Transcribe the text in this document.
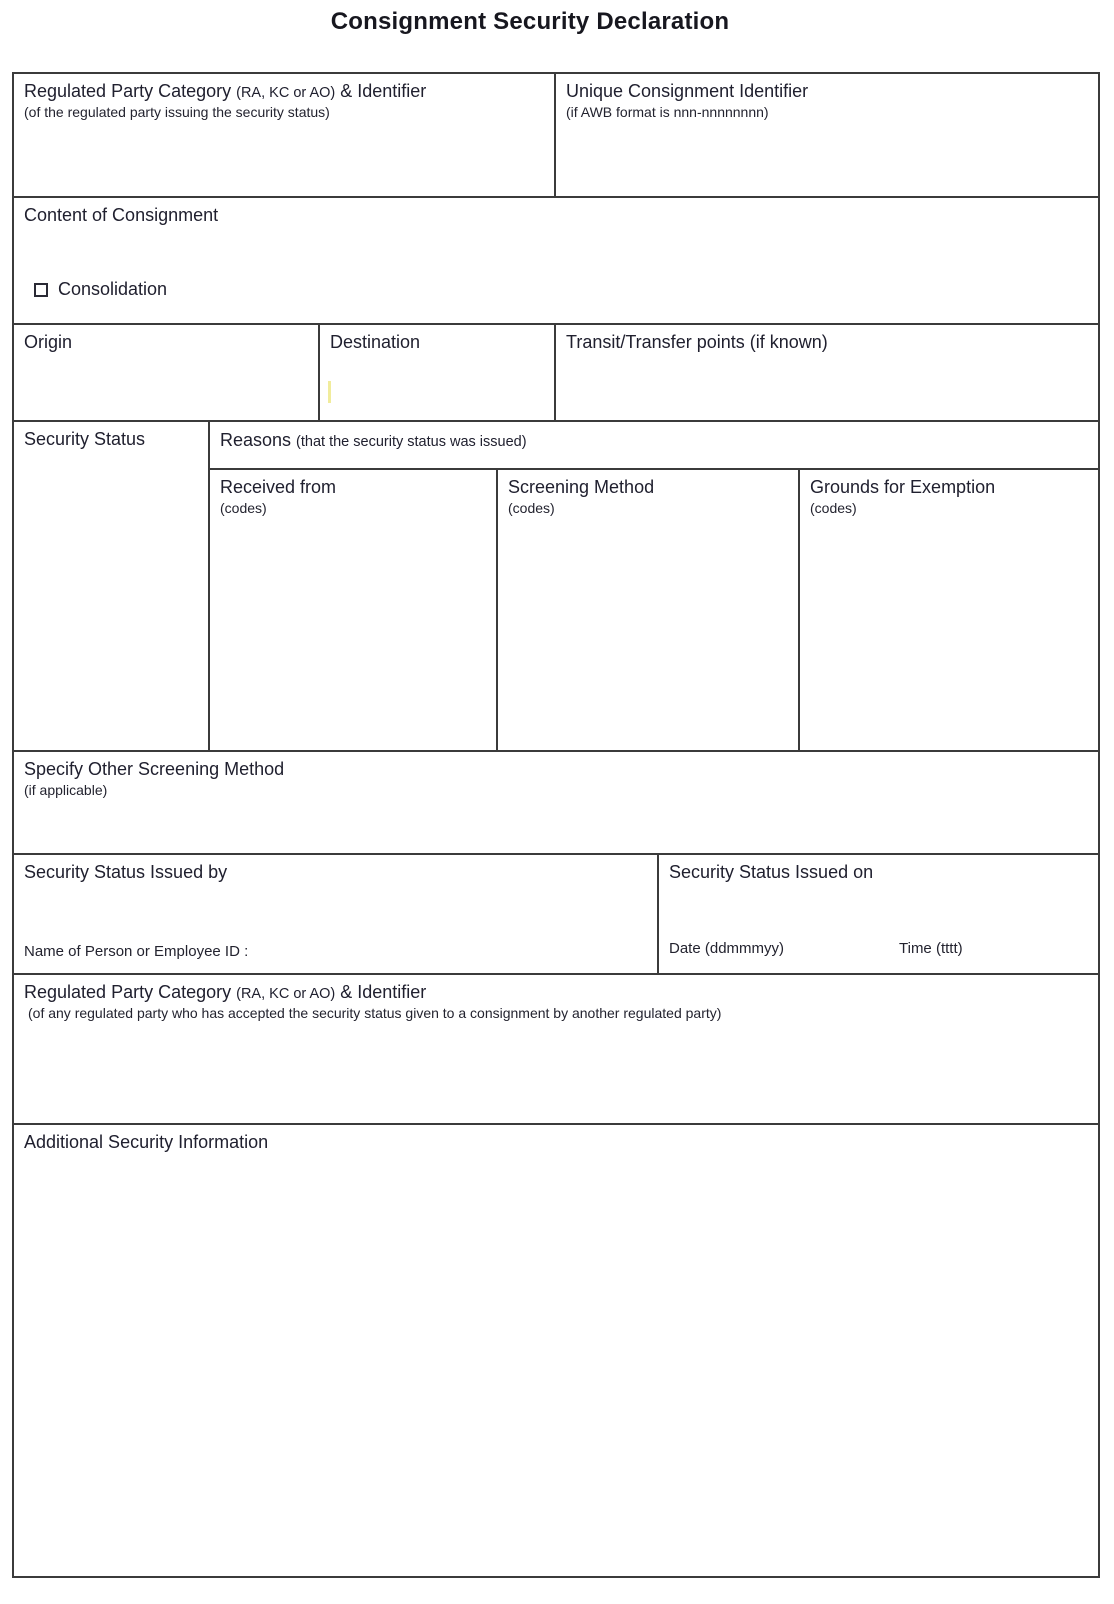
Consignment Security Declaration
Regulated Party Category (RA, KC or AO) & Identifier
(of the regulated party issuing the security status)
Unique Consignment Identifier
(if AWB format is nnn-nnnnnnnn)
Content of Consignment
Consolidation
Origin	Destination	Transit/Transfer points (if known)
Security Status	Reasons (that the security status was issued)
Received from
(codes)
Screening Method
(codes)
Grounds for Exemption
(codes)
Specify Other Screening Method
(if applicable)
Security Status Issued by
Name of Person or Employee ID :
Security Status Issued on
Date (ddmmmyy)	Time (tttt)
Regulated Party Category (RA, KC or AO) & Identifier
(of any regulated party who has accepted the security status given to a consignment by another regulated party)
Additional Security Information
